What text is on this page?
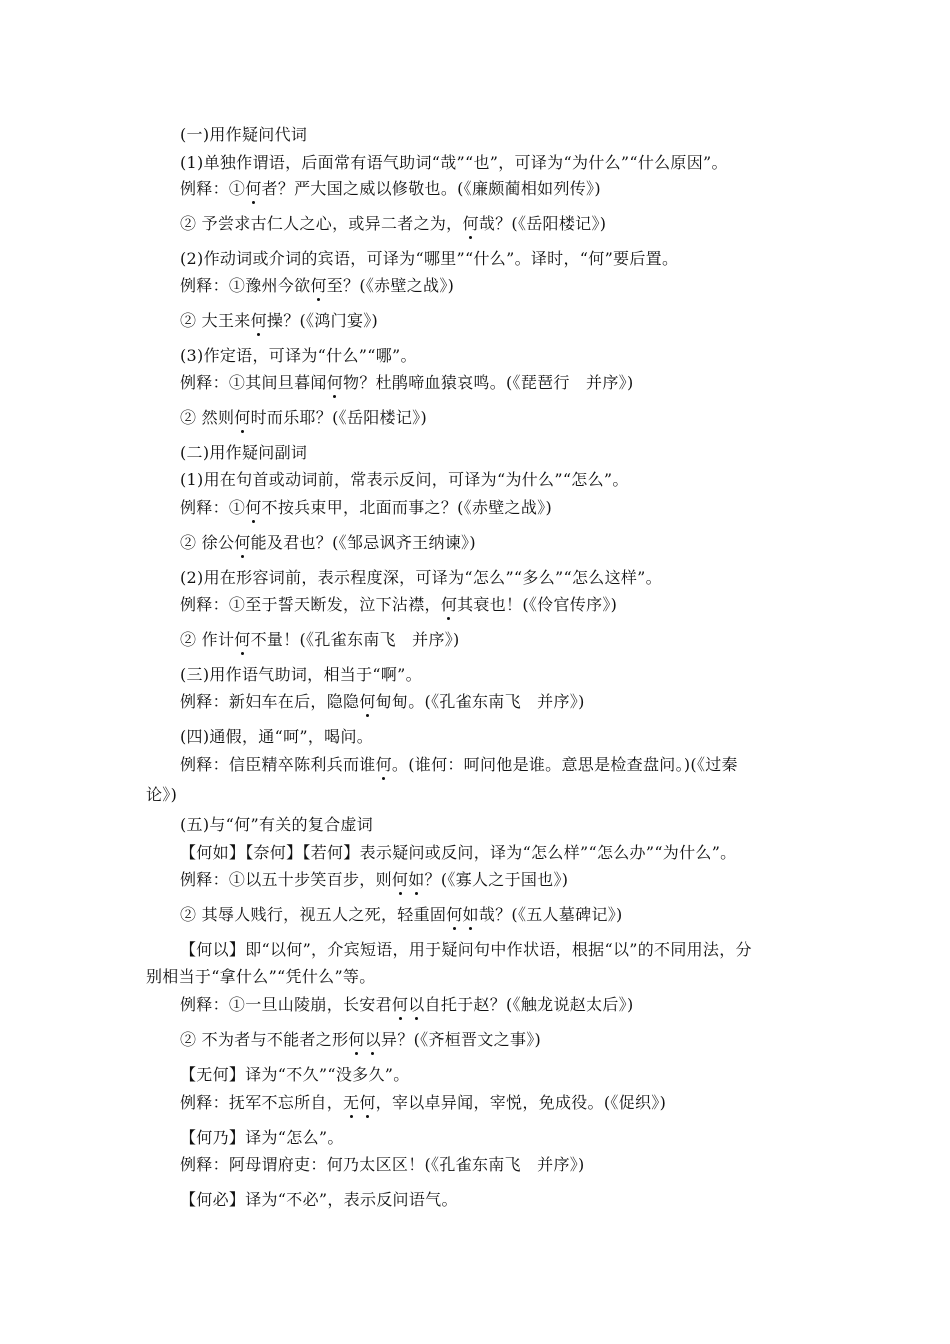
(一)用作疑问代词
(1)单独作谓语，后面常有语气助词“哉”“也”，可译为“为什么”“什么原因”。
例释：①何者？严大国之威以修敬也。(《廉颇蔺相如列传》)
② 予尝求古仁人之心，或异二者之为，何哉？(《岳阳楼记》)
(2)作动词或介词的宾语，可译为“哪里”“什么”。译时，“何”要后置。
例释：①豫州今欲何至？(《赤壁之战》)
② 大王来何操？(《鸿门宴》)
(3)作定语，可译为“什么”“哪”。
例释：①其间旦暮闻何物？杜鹃啼血猿哀鸣。(《琵琶行　并序》)
② 然则何时而乐耶？(《岳阳楼记》)
(二)用作疑问副词
(1)用在句首或动词前，常表示反问，可译为“为什么”“怎么”。
例释：①何不按兵束甲，北面而事之？(《赤壁之战》)
② 徐公何能及君也？(《邹忌讽齐王纳谏》)
(2)用在形容词前，表示程度深，可译为“怎么”“多么”“怎么这样”。
例释：①至于誓天断发，泣下沾襟，何其衰也！(《伶官传序》)
② 作计何不量！(《孔雀东南飞　并序》)
(三)用作语气助词，相当于“啊”。
例释：新妇车在后，隐隐何甸甸。(《孔雀东南飞　并序》)
(四)通假，通“呵”，喝问。
例释：信臣精卒陈利兵而谁何。(谁何：呵问他是谁。意思是检查盘问。)(《过秦
论》)
(五)与“何”有关的复合虚词
【何如】【奈何】【若何】表示疑问或反问，译为“怎么样”“怎么办”“为什么”。
例释：①以五十步笑百步，则何如？(《寡人之于国也》)
② 其辱人贱行，视五人之死，轻重固何如哉？(《五人墓碑记》)
【何以】即“以何”，介宾短语，用于疑问句中作状语，根据“以”的不同用法，分
别相当于“拿什么”“凭什么”等。
例释：①一旦山陵崩，长安君何以自托于赵？(《触龙说赵太后》)
② 不为者与不能者之形何以异？(《齐桓晋文之事》)
【无何】译为“不久”“没多久”。
例释：抚军不忘所自，无何，宰以卓异闻，宰悦，免成役。(《促织》)
【何乃】译为“怎么”。
例释：阿母谓府吏：何乃太区区！(《孔雀东南飞　并序》)
【何必】译为“不必”，表示反问语气。
